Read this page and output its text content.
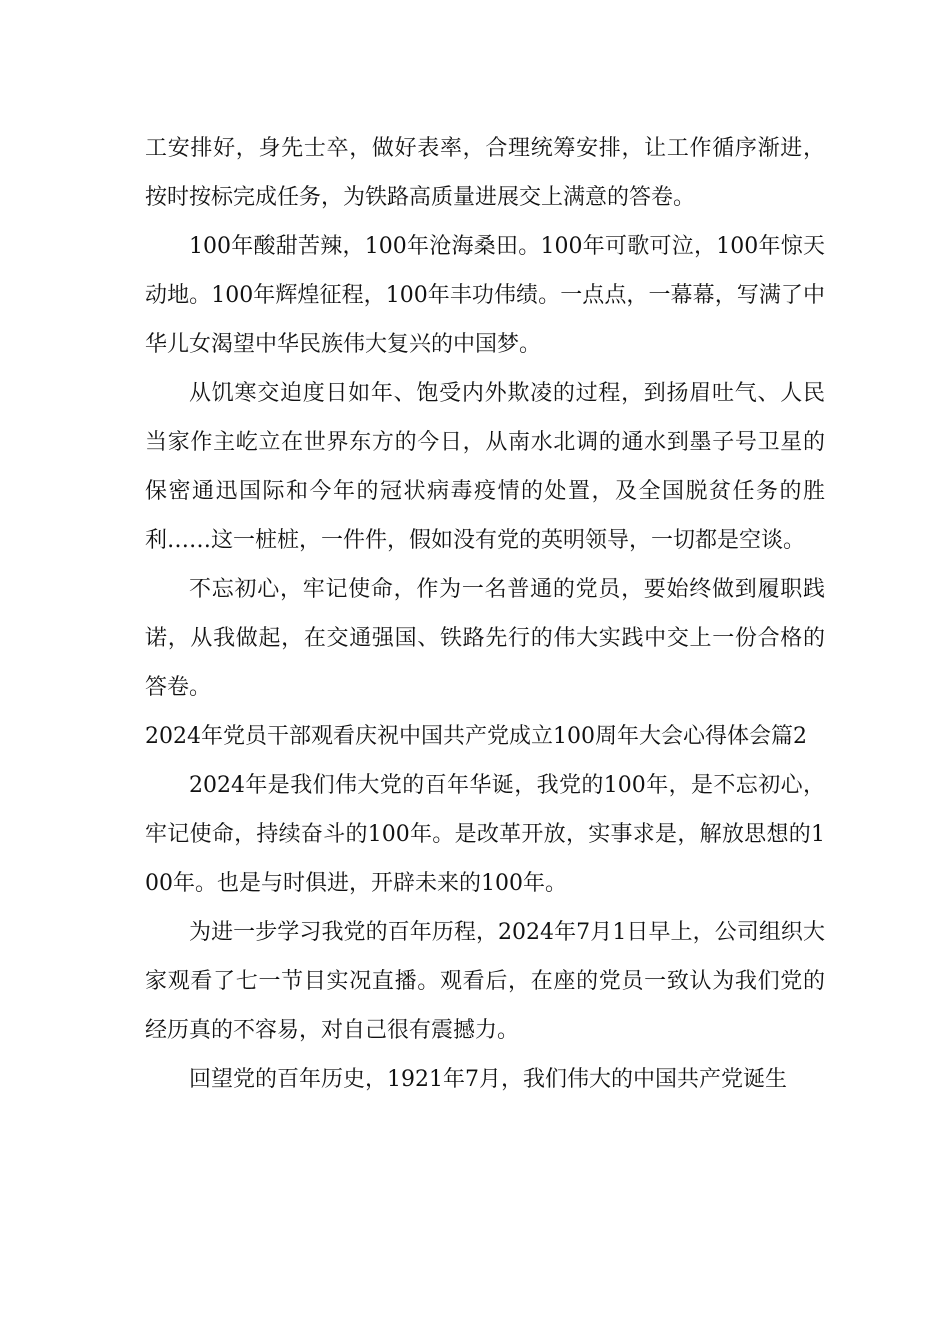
工安排好，身先士卒，做好表率，合理统筹安排，让工作循序渐进，按时按标完成任务，为铁路高质量进展交上满意的答卷。

100年酸甜苦辣，100年沧海桑田。100年可歌可泣，100年惊天动地。100年辉煌征程，100年丰功伟绩。一点点，一幕幕，写满了中华儿女渴望中华民族伟大复兴的中国梦。

从饥寒交迫度日如年、饱受内外欺凌的过程，到扬眉吐气、人民当家作主屹立在世界东方的今日，从南水北调的通水到墨子号卫星的保密通迅国际和今年的冠状病毒疫情的处置，及全国脱贫任务的胜利……这一桩桩，一件件，假如没有党的英明领导，一切都是空谈。

不忘初心，牢记使命，作为一名普通的党员，要始终做到履职践诺，从我做起，在交通强国、铁路先行的伟大实践中交上一份合格的答卷。

2024年党员干部观看庆祝中国共产党成立100周年大会心得体会篇2

2024年是我们伟大党的百年华诞，我党的100年，是不忘初心，牢记使命，持续奋斗的100年。是改革开放，实事求是，解放思想的100年。也是与时俱进，开辟未来的100年。

为进一步学习我党的百年历程，2024年7月1日早上，公司组织大家观看了七一节目实况直播。观看后，在座的党员一致认为我们党的经历真的不容易，对自己很有震撼力。

回望党的百年历史，1921年7月，我们伟大的中国共产党诞生
